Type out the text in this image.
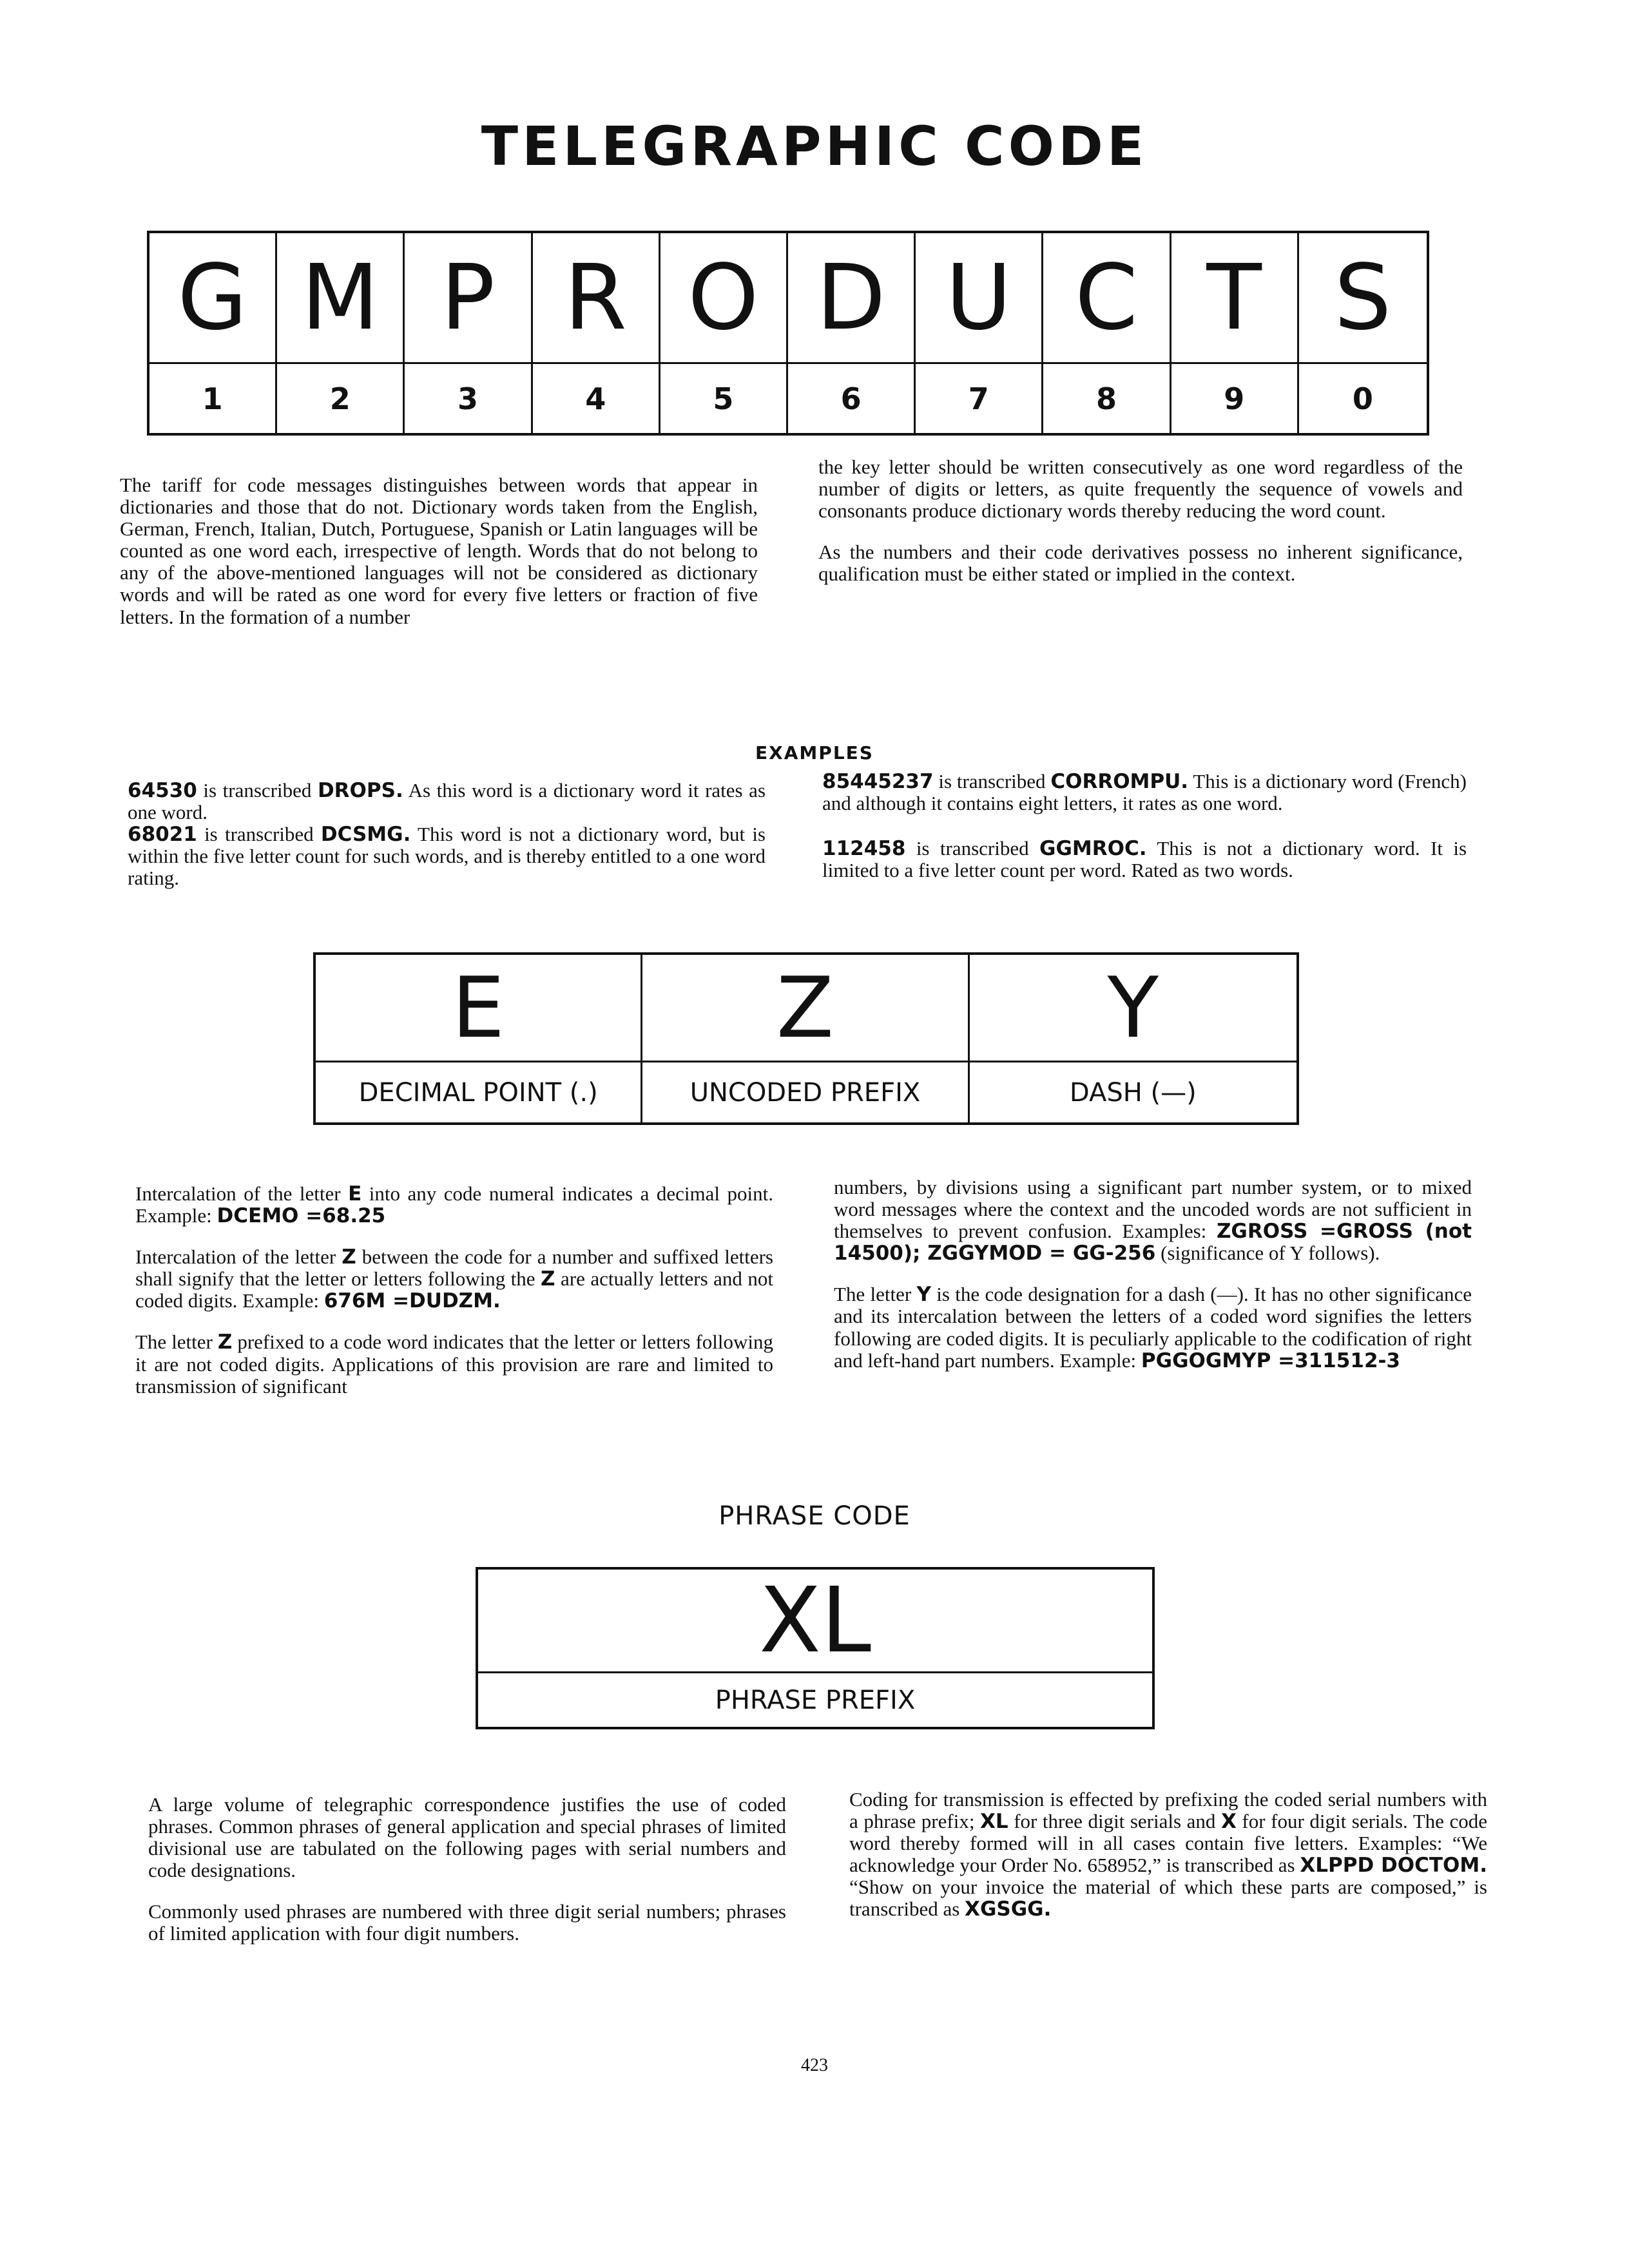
TELEGRAPHIC CODE
G
1
M
2
P
3
R
4
O
5
D
6
U
7
C
8
T
9
S
0

The tariff for code messages distinguishes between words that appear in dictionaries and those that do not. Dictionary words taken from the English, German, French, Italian, Dutch, Portuguese, Spanish or Latin languages will be counted as one word each, irrespective of length. Words that do not belong to any of the above-mentioned languages will not be considered as dictionary words and will be rated as one word for every five letters or fraction of five letters. In the formation of a number

the key letter should be written consecutively as one word regardless of the number of digits or letters, as quite frequently the sequence of vowels and consonants produce dictionary words thereby reducing the word count.

As the numbers and their code derivatives possess no inherent significance, qualification must be either stated or implied in the context.

EXAMPLES

64530 is transcribed DROPS. As this word is a dictionary word it rates as one word.

68021 is transcribed DCSMG. This word is not a dictionary word, but is within the five letter count for such words, and is thereby entitled to a one word rating.

85445237 is transcribed CORROMPU. This is a dictionary word (French) and although it contains eight letters, it rates as one word.

112458 is transcribed GGMROC. This is not a dictionary word. It is limited to a five letter count per word. Rated as two words.

E
DECIMAL POINT (.)
Z
UNCODED PREFIX
Y
DASH (—)

Intercalation of the letter E into any code numeral indicates a decimal point. Example: DCEMO =68.25

Intercalation of the letter Z between the code for a number and suffixed letters shall signify that the letter or letters following the Z are actually letters and not coded digits. Example: 676M =DUDZM.

The letter Z prefixed to a code word indicates that the letter or letters following it are not coded digits. Applications of this provision are rare and limited to transmission of significant

numbers, by divisions using a significant part number system, or to mixed word messages where the context and the uncoded words are not sufficient in themselves to prevent confusion. Examples: ZGROSS =GROSS (not 14500); ZGGYMOD = GG-256 (significance of Y follows).

The letter Y is the code designation for a dash (—). It has no other significance and its intercalation between the letters of a coded word signifies the letters following are coded digits. It is peculiarly applicable to the codification of right and left-hand part numbers. Example: PGGOGMYP =311512-3

PHRASE CODE
XL
PHRASE PREFIX

A large volume of telegraphic correspondence justifies the use of coded phrases. Common phrases of general application and special phrases of limited divisional use are tabulated on the following pages with serial numbers and code designations.

Commonly used phrases are numbered with three digit serial numbers; phrases of limited application with four digit numbers.

Coding for transmission is effected by prefixing the coded serial numbers with a phrase prefix; XL for three digit serials and X for four digit serials. The code word thereby formed will in all cases contain five letters. Examples: “We acknowledge your Order No. 658952,” is transcribed as XLPPD DOCTOM. “Show on your invoice the material of which these parts are composed,” is transcribed as XGSGG.

423
